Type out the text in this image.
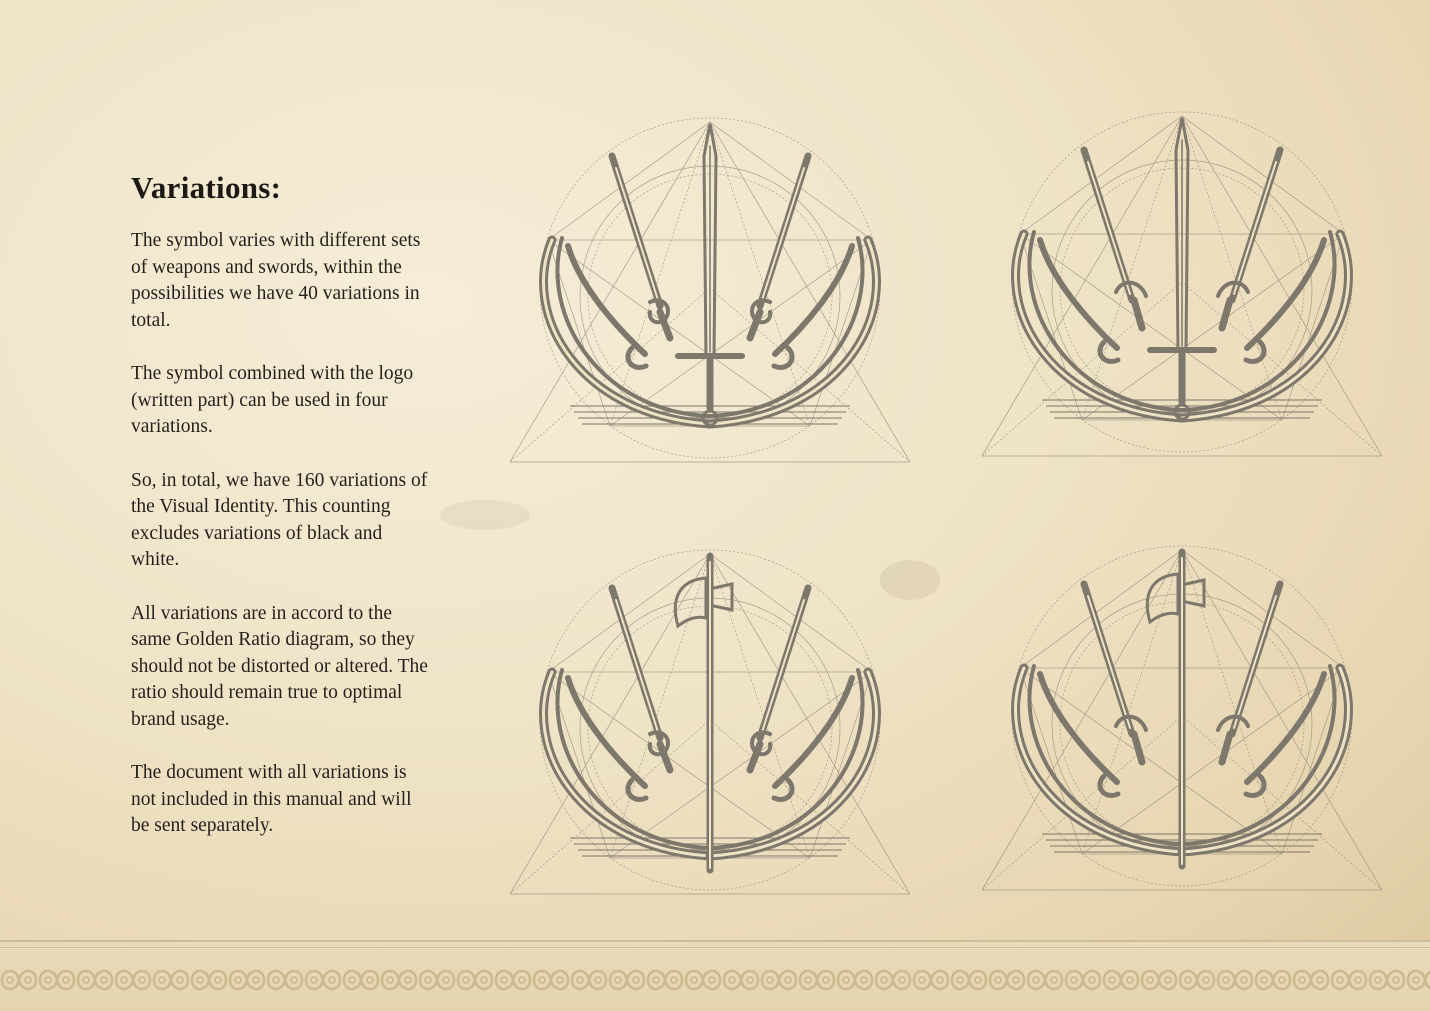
Variations:

The symbol varies with different sets of weapons and swords, within the possibilities we have 40 variations in total.

The symbol combined with the logo (written part) can be used in four variations.

So, in total, we have 160 variations of the Visual Identity. This counting excludes variations of black and white.

All variations are in accord to the same Golden Ratio diagram, so they should not be distorted or altered. The ratio should remain true to optimal brand usage.

The document with all variations is not included in this manual and will be sent separately.
